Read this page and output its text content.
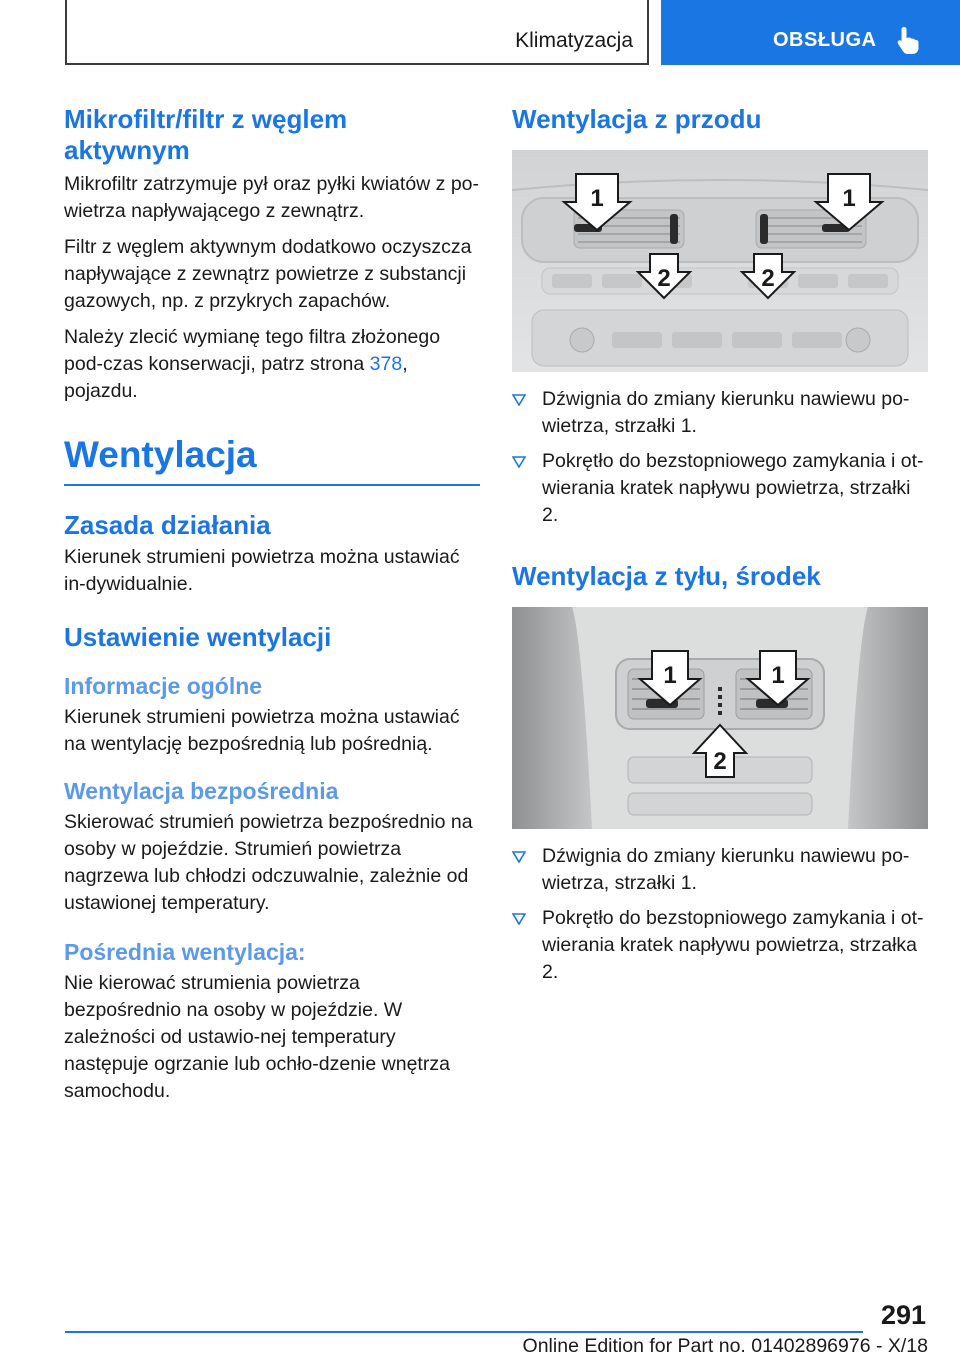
Klimatyzacja	OBSŁUGA
Mikrofiltr/filtr z węglem aktywnym

Mikrofiltr zatrzymuje pył oraz pyłki kwiatów z po-wietrza napływającego z zewnątrz.

Filtr z węglem aktywnym dodatkowo oczyszcza napływające z zewnątrz powietrze z substancji gazowych, np. z przykrych zapachów.

Należy zlecić wymianę tego filtra złożonego pod-czas konserwacji, patrz strona 378, pojazdu.

Wentylacja
Zasada działania

Kierunek strumieni powietrza można ustawiać in-dywidualnie.

Ustawienie wentylacji
Informacje ogólne

Kierunek strumieni powietrza można ustawiać na wentylację bezpośrednią lub pośrednią.

Wentylacja bezpośrednia

Skierować strumień powietrza bezpośrednio na osoby w pojeździe. Strumień powietrza nagrzewa lub chłodzi odczuwalnie, zależnie od ustawionej temperatury.

Pośrednia wentylacja:

Nie kierować strumienia powietrza bezpośrednio na osoby w pojeździe. W zależności od ustawio-nej temperatury następuje ogrzanie lub ochło-dzenie wnętrza samochodu.

Wentylacja z przodu
1	1
2	2
Dźwignia do zmiany kierunku nawiewu po-wietrza, strzałki 1.
Pokrętło do bezstopniowego zamykania i ot-wierania kratek napływu powietrza, strzałki 2.
Wentylacja z tyłu, środek
1	1
2
Dźwignia do zmiany kierunku nawiewu po-wietrza, strzałki 1.
Pokrętło do bezstopniowego zamykania i ot-wierania kratek napływu powietrza, strzałka 2.
291
Online Edition for Part no. 01402896976 - X/18
